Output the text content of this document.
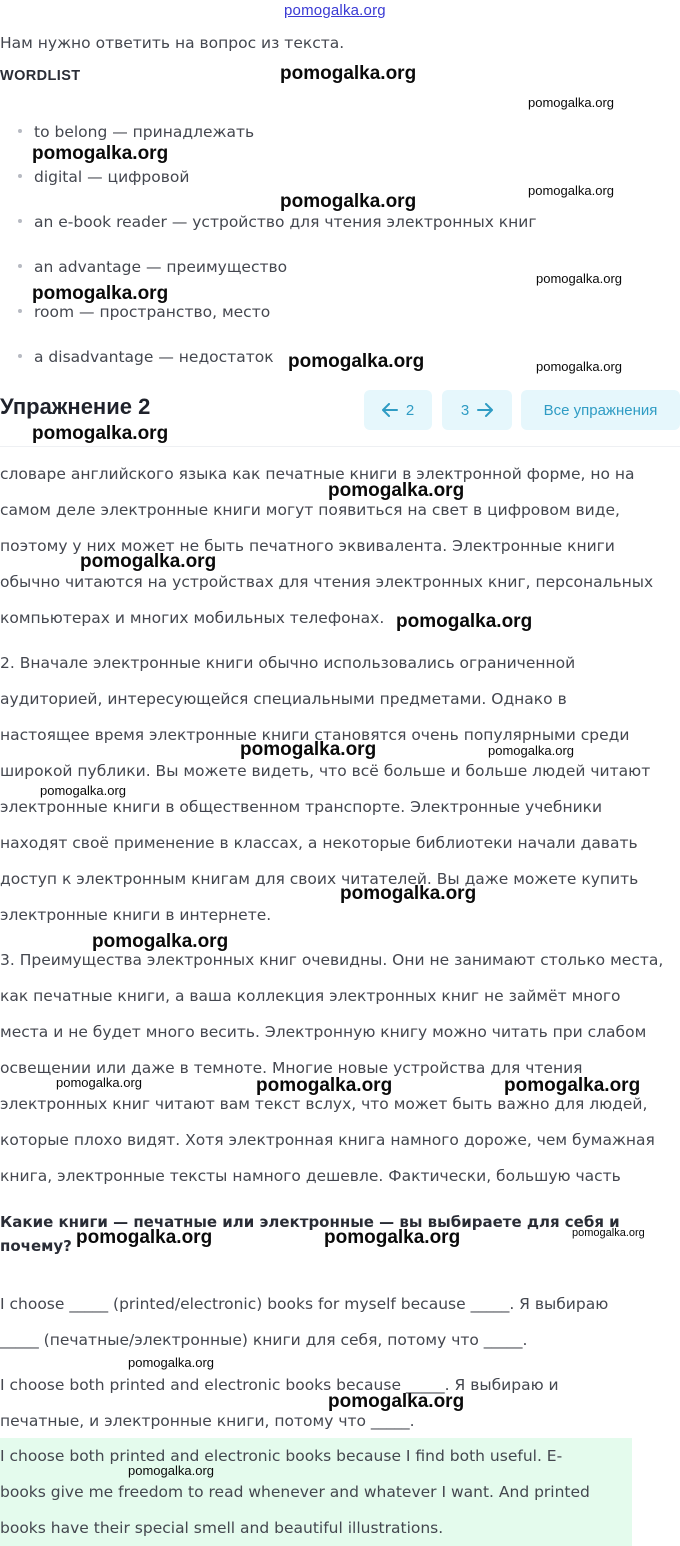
pomogalka.org
Нам нужно ответить на вопрос из текста.
WORDLIST
to belong — принадлежать
digital — цифровой
an e-book reader — устройство для чтения электронных книг
an advantage — преимущество
room — пространство, место
a disadvantage — недостаток
Упражнение 2	2	3	Все упражнения
словаре английского языка как печатные книги в электронной форме, но на
самом деле электронные книги могут появиться на свет в цифровом виде,
поэтому у них может не быть печатного эквивалента. Электронные книги
обычно читаются на устройствах для чтения электронных книг, персональных
компьютерах и многих мобильных телефонах.
2. Вначале электронные книги обычно использовались ограниченной
аудиторией, интересующейся специальными предметами. Однако в
настоящее время электронные книги становятся очень популярными среди
широкой публики. Вы можете видеть, что всё больше и больше людей читают
электронные книги в общественном транспорте. Электронные учебники
находят своё применение в классах, а некоторые библиотеки начали давать
доступ к электронным книгам для своих читателей. Вы даже можете купить
электронные книги в интернете.
3. Преимущества электронных книг очевидны. Они не занимают столько места,
как печатные книги, а ваша коллекция электронных книг не займёт много
места и не будет много весить. Электронную книгу можно читать при слабом
освещении или даже в темноте. Многие новые устройства для чтения
электронных книг читают вам текст вслух, что может быть важно для людей,
которые плохо видят. Хотя электронная книга намного дороже, чем бумажная
книга, электронные тексты намного дешевле. Фактически, большую часть
Какие книги — печатные или электронные — вы выбираете для себя и
почему?
I choose _____ (printed/electronic) books for myself because _____. Я выбираю
_____ (печатные/электронные) книги для себя, потому что _____.
I choose both printed and electronic books because _____. Я выбираю и
печатные, и электронные книги, потому что _____.
I choose both printed and electronic books because I find both useful. E-
books give me freedom to read whenever and whatever I want. And printed
books have their special smell and beautiful illustrations.
pomogalka.org
pomogalka.org
pomogalka.org
pomogalka.org
pomogalka.org
pomogalka.org
pomogalka.org
pomogalka.org	pomogalka.org
pomogalka.org
pomogalka.org
pomogalka.org
pomogalka.org
pomogalka.org	pomogalka.org
pomogalka.org
pomogalka.org
pomogalka.org
pomogalka.org	pomogalka.org	pomogalka.org
pomogalka.org	pomogalka.org	pomogalka.org
pomogalka.org
pomogalka.org
pomogalka.org
